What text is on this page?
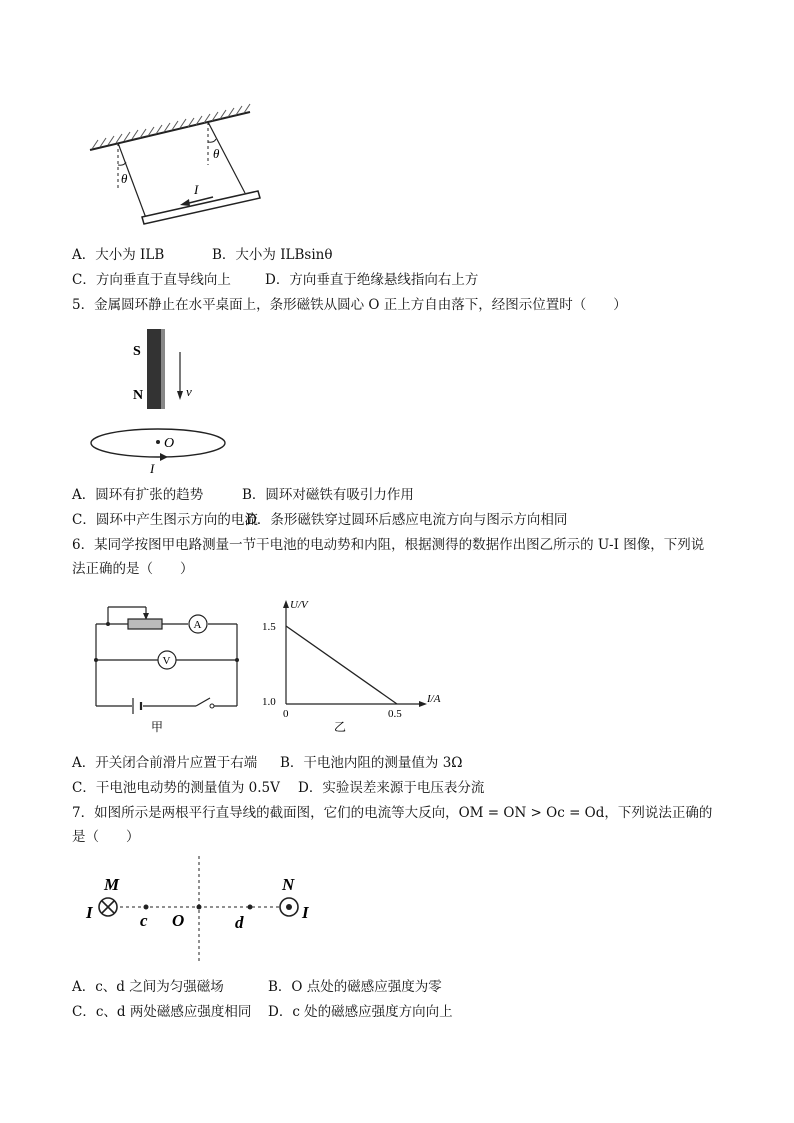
θ
θ
I
A．大小为 ILB	B．大小为 ILBsinθ
C．方向垂直于直导线向上	D．方向垂直于绝缘悬线指向右上方
5．金属圆环静止在水平桌面上，条形磁铁从圆心 O 正上方自由落下，经图示位置时（　　）
S
N	v
O
I
A．圆环有扩张的趋势	B．圆环对磁铁有吸引力作用
C．圆环中产生图示方向的电流
D．条形磁铁穿过圆环后感应电流方向与图示方向相同
6．某同学按图甲电路测量一节干电池的电动势和内阻，根据测得的数据作出图乙所示的 U-I 图像，下列说
法正确的是（　　）
A
V
甲
U/V
I/A
1.5
1.0
0	0.5
乙
A．开关闭合前滑片应置于右端 B．干电池内阻的测量值为 3Ω
C．干电池电动势的测量值为 0.5V D．实验误差来源于电压表分流
7．如图所示是两根平行直导线的截面图，它们的电流等大反向，OM = ON > Oc = Od，下列说法正确的
是（　　）
M	N
c O	d
I	I
A．c、d 之间为匀强磁场	B．O 点处的磁感应强度为零
C．c、d 两处磁感应强度相同 D．c 处的磁感应强度方向向上
